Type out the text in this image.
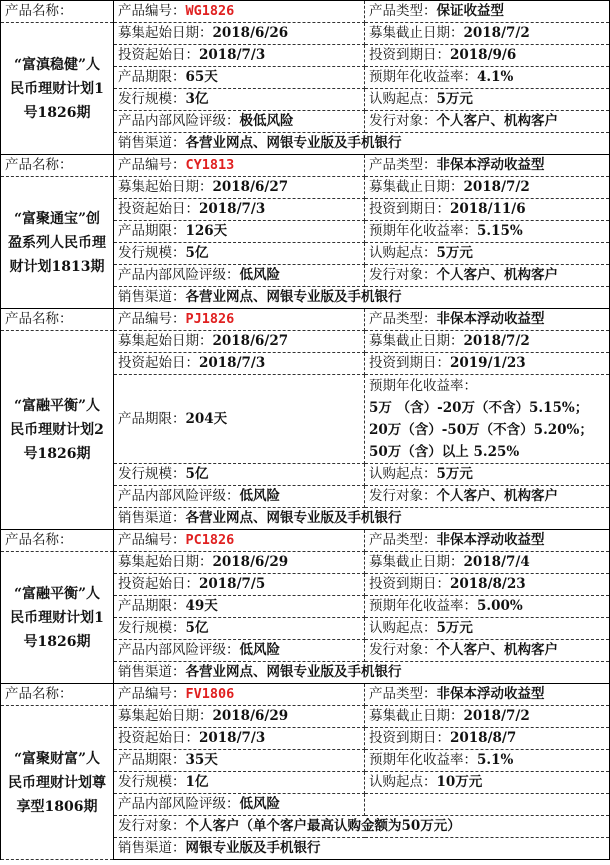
产品名称：	产品编号：WG1826	产品类型：保证收益型
“富滇稳健”人民币理财计划1号1826期	募集起始日期：2018/6/26	募集截止日期：2018/7/2
	投资起始日：2018/7/3	投资到期日：2018/9/6
	产品期限：65天	预期年化收益率：4.1%
	发行规模：3亿	认购起点：5万元
	产品内部风险评级：极低风险	发行对象：个人客户、机构客户
	销售渠道：各营业网点、网银专业版及手机银行	
产品名称：	产品编号：CY1813	产品类型：非保本浮动收益型
“富聚通宝”创盈系列人民币理财计划1813期	募集起始日期：2018/6/27	募集截止日期：2018/7/2
	投资起始日：2018/7/3	投资到期日：2018/11/6
	产品期限：126天	预期年化收益率：5.15%
	发行规模：5亿	认购起点：5万元
	产品内部风险评级：低风险	发行对象：个人客户、机构客户
	销售渠道：各营业网点、网银专业版及手机银行	
产品名称：	产品编号：PJ1826	产品类型：非保本浮动收益型
“富融平衡”人民币理财计划2号1826期	募集起始日期：2018/6/27	募集截止日期：2018/7/2
	投资起始日：2018/7/3	投资到期日：2019/1/23
	产品期限：204天	预期年化收益率：
5万 （含）-20万（不含）5.15%；
20万（含）-50万（不含）5.20%；
50万（含）以上 5.25%
	发行规模：5亿	认购起点：5万元
	产品内部风险评级：低风险	发行对象：个人客户、机构客户
	销售渠道：各营业网点、网银专业版及手机银行	
产品名称：	产品编号：PC1826	产品类型：非保本浮动收益型
“富融平衡”人民币理财计划1号1826期	募集起始日期：2018/6/29	募集截止日期：2018/7/4
	投资起始日：2018/7/5	投资到期日：2018/8/23
	产品期限：49天	预期年化收益率：5.00%
	发行规模：5亿	认购起点：5万元
	产品内部风险评级：低风险	发行对象：个人客户、机构客户
	销售渠道：各营业网点、网银专业版及手机银行	
产品名称：	产品编号：FV1806	产品类型：非保本浮动收益型
“富聚财富”人民币理财计划尊享型1806期	募集起始日期：2018/6/29	募集截止日期：2018/7/2
	投资起始日：2018/7/3	投资到期日：2018/8/7
	产品期限：35天	预期年化收益率：5.1%
	发行规模：1亿	认购起点：10万元
	产品内部风险评级：低风险	
	发行对象：个人客户（单个客户最高认购金额为50万元）	
	销售渠道：网银专业版及手机银行	
